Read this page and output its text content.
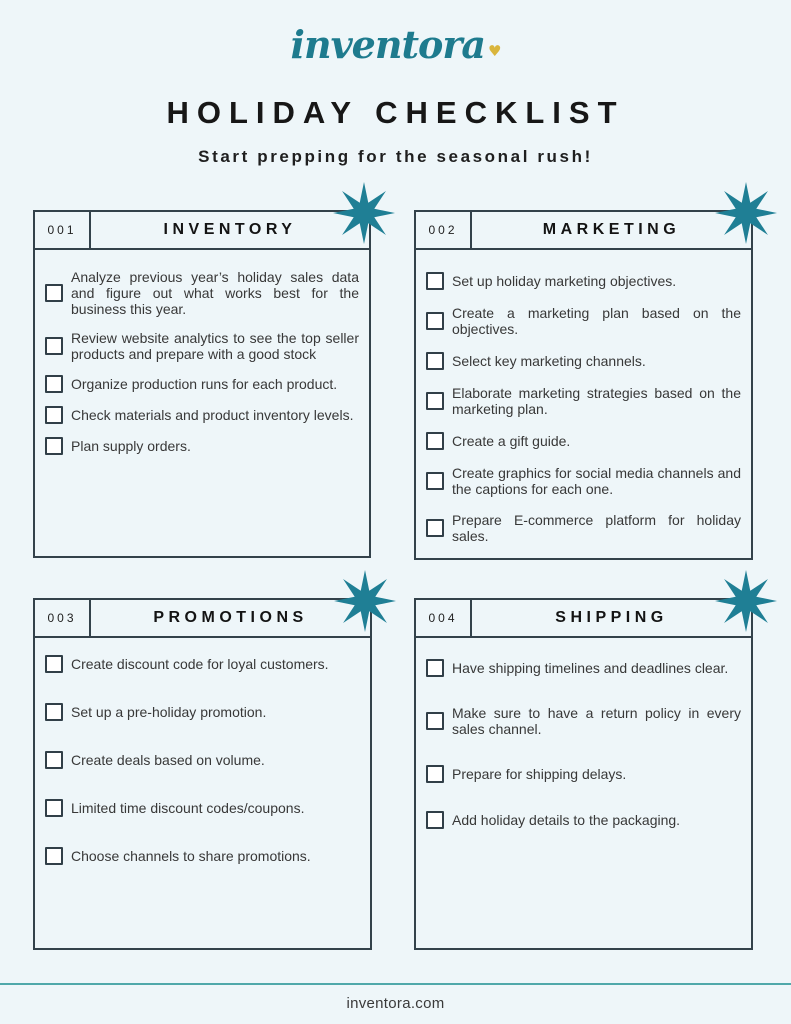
inventora ♥
HOLIDAY CHECKLIST
Start prepping for the seasonal rush!
001	INVENTORY
Analyze previous year’s holiday sales data and figure out what works best for the business this year.
Review website analytics to see the top seller products and prepare with a good stock
Organize production runs for each product.
Check materials and product inventory levels.
Plan supply orders.
002	MARKETING
Set up holiday marketing objectives.
Create a marketing plan based on the objectives.
Select key marketing channels.
Elaborate marketing strategies based on the marketing plan.
Create a gift guide.
Create graphics for social media channels and the captions for each one.
Prepare E-commerce platform for holiday sales.
003	PROMOTIONS
Create discount code for loyal customers.
Set up a pre-holiday promotion.
Create deals based on volume.
Limited time discount codes/coupons.
Choose channels to share promotions.
004	SHIPPING
Have shipping timelines and deadlines clear.
Make sure to have a return policy in every sales channel.
Prepare for shipping delays.
Add holiday details to the packaging.
inventora.com
